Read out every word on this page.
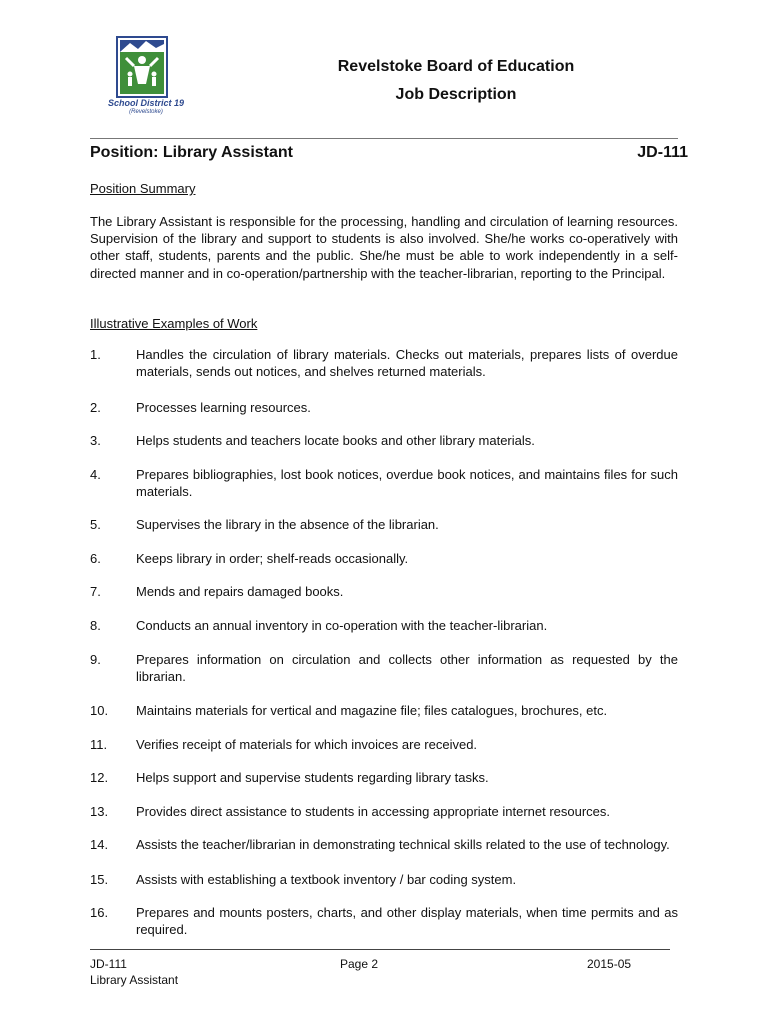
School District 19
(Revelstoke)
Revelstoke Board of Education
Job Description
Position: Library Assistant	JD-111
Position Summary
The Library Assistant is responsible for the processing, handling and circulation of learning resources. Supervision of the library and support to students is also involved. She/he works co-operatively with other staff, students, parents and the public. She/he must be able to work independently in a self-directed manner and in co-operation/partnership with the teacher-librarian, reporting to the Principal.
Illustrative Examples of Work
1.	Handles the circulation of library materials. Checks out materials, prepares lists of overdue materials, sends out notices, and shelves returned materials.
2.	Processes learning resources.
3.	Helps students and teachers locate books and other library materials.
4.	Prepares bibliographies, lost book notices, overdue book notices, and maintains files for such materials.
5.	Supervises the library in the absence of the librarian.
6.	Keeps library in order; shelf-reads occasionally.
7.	Mends and repairs damaged books.
8.	Conducts an annual inventory in co-operation with the teacher-librarian.
9.	Prepares information on circulation and collects other information as requested by the librarian.
10.	Maintains materials for vertical and magazine file; files catalogues, brochures, etc.
11.	Verifies receipt of materials for which invoices are received.
12.	Helps support and supervise students regarding library tasks.
13.	Provides direct assistance to students in accessing appropriate internet resources.
14.	Assists the teacher/librarian in demonstrating technical skills related to the use of technology.
15.	Assists with establishing a textbook inventory / bar coding system.
16.	Prepares and mounts posters, charts, and other display materials, when time permits and as required.
JD-111
Library Assistant
Page 2	2015-05
